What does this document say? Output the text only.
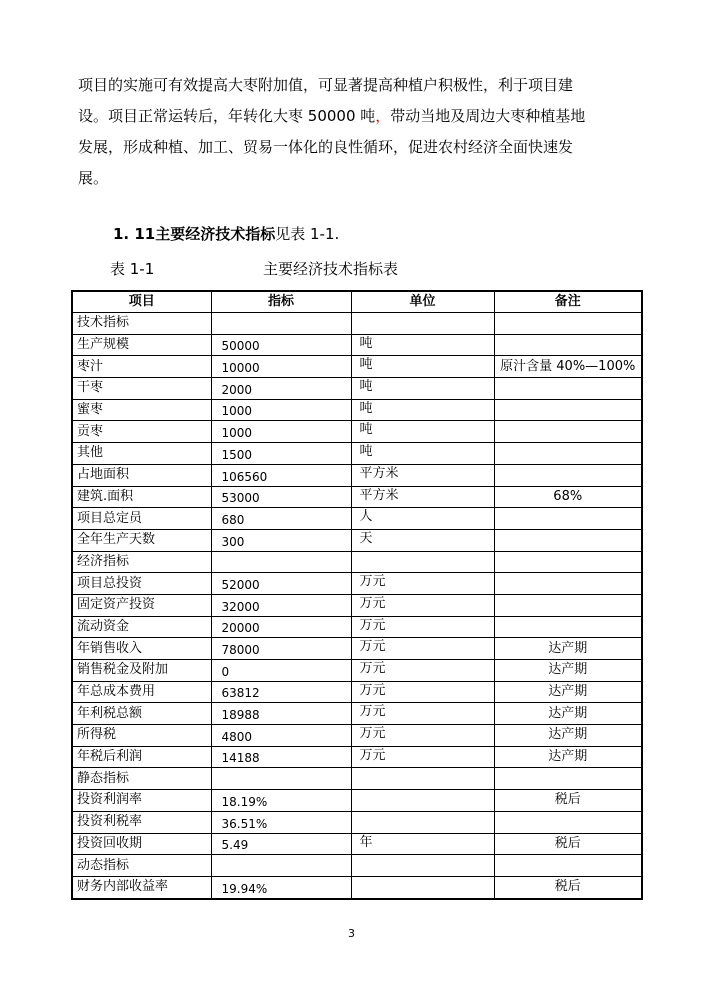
项目的实施可有效提高大枣附加值，可显著提高种植户积极性，利于项目建

设。项目正常运转后，年转化大枣 50000 吨，带动当地及周边大枣种植基地

发展，形成种植、加工、贸易一体化的良性循环，促进农村经济全面快速发

展。

1. 11主要经济技术指标见表 1-1.
表 1-1	主要经济技术指标表
项目	指标	单位	备注
技术指标			
生产规模	50000	吨	
枣汁	10000	吨	原汁含量 40%—100%
干枣	2000	吨	
蜜枣	1000	吨	
贡枣	1000	吨	
其他	1500	吨	
占地面积	106560	平方米	
建筑.面积	53000	平方米	68%
项目总定员	680	人	
全年生产天数	300	天	
经济指标			
项目总投资	52000	万元	
固定资产投资	32000	万元	
流动资金	20000	万元	
年销售收入	78000	万元	达产期
销售税金及附加	0	万元	达产期
年总成本费用	63812	万元	达产期
年利税总额	18988	万元	达产期
所得税	4800	万元	达产期
年税后利润	14188	万元	达产期
静态指标			
投资利润率	18.19%		税后
投资利税率	36.51%		
投资回收期	5.49	年	税后
动态指标			
财务内部收益率	19.94%		税后
3
